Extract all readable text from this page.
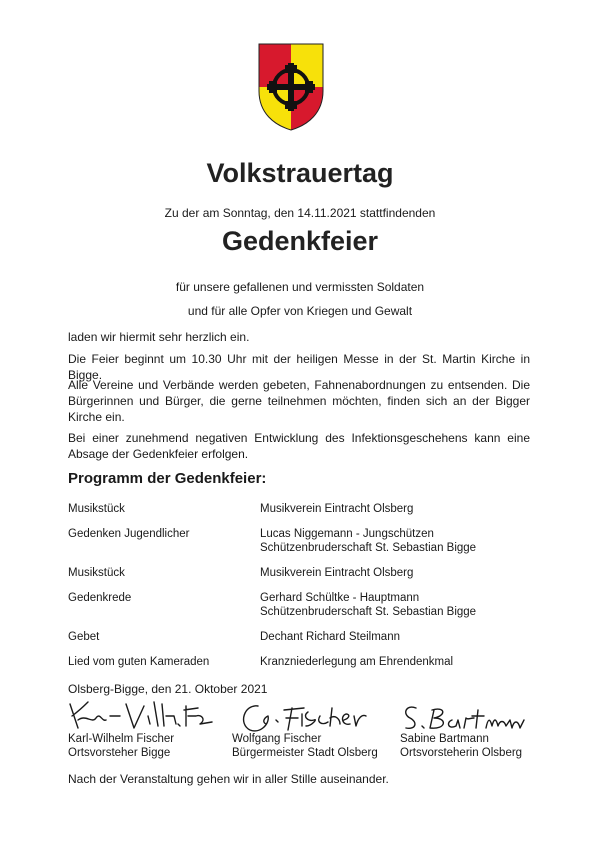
Volkstrauertag
Zu der am Sonntag, den 14.11.2021 stattfindenden
Gedenkfeier
für unsere gefallenen und vermissten Soldaten
und für alle Opfer von Kriegen und Gewalt
laden wir hiermit sehr herzlich ein.
Die Feier beginnt um 10.30 Uhr mit der heiligen Messe in der St. Martin Kirche in Bigge.
Alle Vereine und Verbände werden gebeten, Fahnenabordnungen zu entsenden. Die Bürgerinnen und Bürger, die gerne teilnehmen möchten, finden sich an der Bigger Kirche ein.
Bei einer zunehmend negativen Entwicklung des Infektionsgeschehens kann eine Absage der Gedenkfeier erfolgen.
Programm der Gedenkfeier:
Musikstück	Musikverein Eintracht Olsberg
Gedenken Jugendlicher	Lucas Niggemann - Jungschützen
Schützenbruderschaft St. Sebastian Bigge
Musikstück	Musikverein Eintracht Olsberg
Gedenkrede	Gerhard Schültke - Hauptmann
Schützenbruderschaft St. Sebastian Bigge
Gebet	Dechant Richard Steilmann
Lied vom guten Kameraden	Kranzniederlegung am Ehrendenkmal
Olsberg-Bigge, den 21. Oktober 2021
Karl-Wilhelm Fischer
Ortsvorsteher Bigge
Wolfgang Fischer
Bürgermeister Stadt Olsberg
Sabine Bartmann
Ortsvorsteherin Olsberg
Nach der Veranstaltung gehen wir in aller Stille auseinander.
